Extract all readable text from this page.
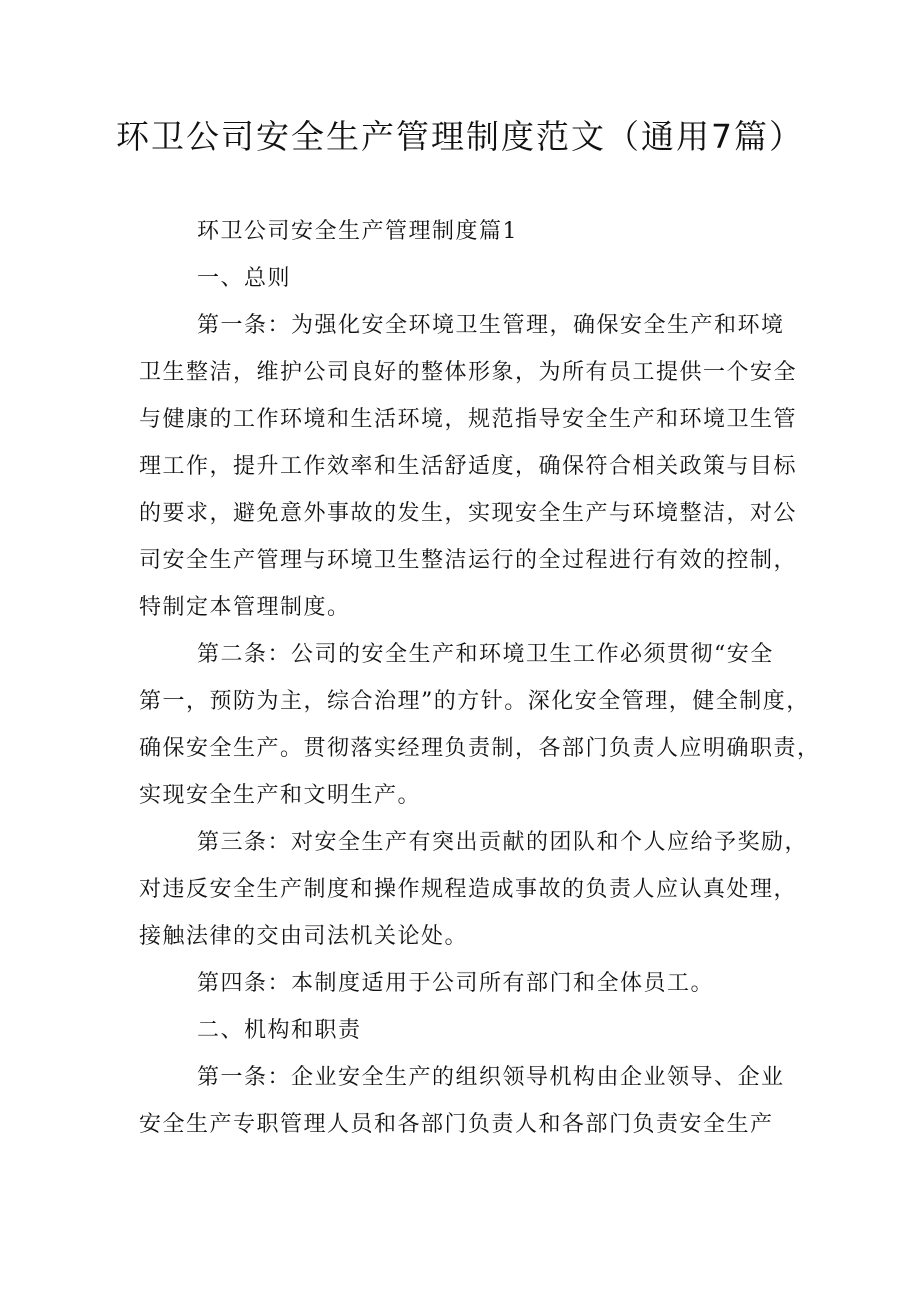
环卫公司安全生产管理制度范文（通用7篇）

环卫公司安全生产管理制度篇1

一、总则

第一条：为强化安全环境卫生管理，确保安全生产和环境

卫生整洁，维护公司良好的整体形象，为所有员工提供一个安全

与健康的工作环境和生活环境，规范指导安全生产和环境卫生管

理工作，提升工作效率和生活舒适度，确保符合相关政策与目标

的要求，避免意外事故的发生，实现安全生产与环境整洁，对公

司安全生产管理与环境卫生整洁运行的全过程进行有效的控制，

特制定本管理制度。

第二条：公司的安全生产和环境卫生工作必须贯彻“安全

第一，预防为主，综合治理”的方针。深化安全管理，健全制度，

确保安全生产。贯彻落实经理负责制，各部门负责人应明确职责，

实现安全生产和文明生产。

第三条：对安全生产有突出贡献的团队和个人应给予奖励，

对违反安全生产制度和操作规程造成事故的负责人应认真处理，

接触法律的交由司法机关论处。

第四条：本制度适用于公司所有部门和全体员工。

二、机构和职责

第一条：企业安全生产的组织领导机构由企业领导、企业

安全生产专职管理人员和各部门负责人和各部门负责安全生产
